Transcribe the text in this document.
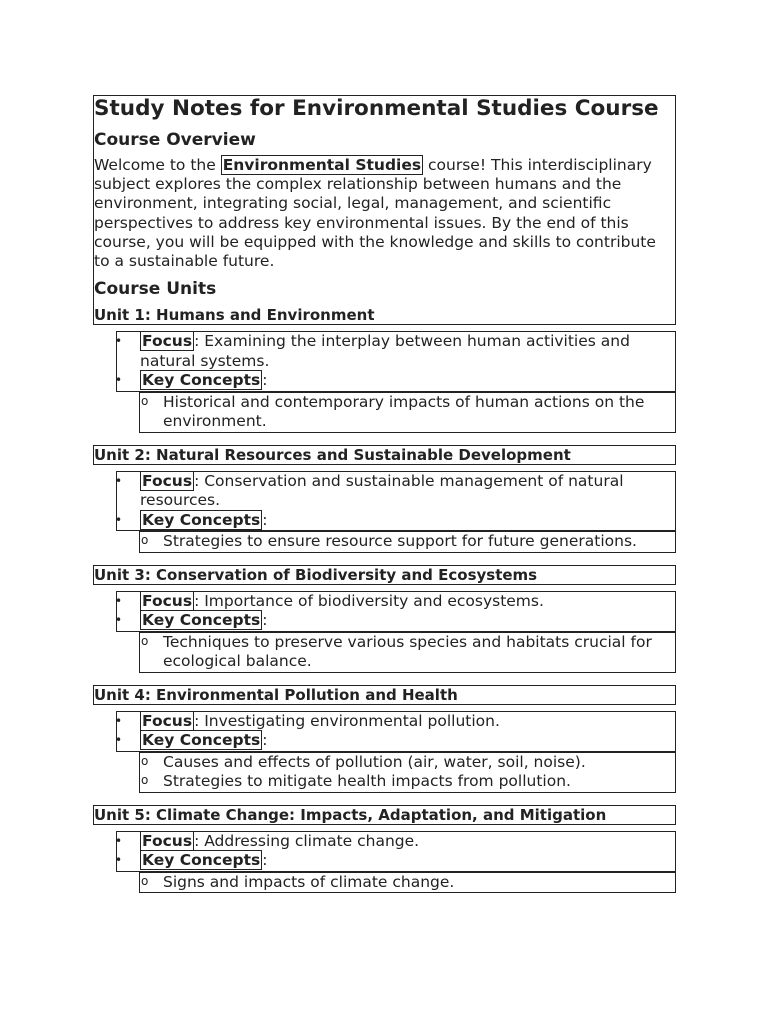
Study Notes for Environmental Studies Course
Course Overview

Welcome to the Environmental Studies course! This interdisciplinary subject explores the complex relationship between humans and the environment, integrating social, legal, management, and scientific perspectives to address key environmental issues. By the end of this course, you will be equipped with the knowledge and skills to contribute to a sustainable future.

Course Units
Unit 1: Humans and Environment
• Focus : Examining the interplay between human activities and natural systems.
• Key Concepts :
o Historical and contemporary impacts of human actions on the environment.
Unit 2: Natural Resources and Sustainable Development
• Focus : Conservation and sustainable management of natural resources.
• Key Concepts :
o Strategies to ensure resource support for future generations.
Unit 3: Conservation of Biodiversity and Ecosystems
• Focus : Importance of biodiversity and ecosystems.
• Key Concepts :
o Techniques to preserve various species and habitats crucial for ecological balance.
Unit 4: Environmental Pollution and Health
• Focus : Investigating environmental pollution.
• Key Concepts :
o Causes and effects of pollution (air, water, soil, noise).
o Strategies to mitigate health impacts from pollution.
Unit 5: Climate Change: Impacts, Adaptation, and Mitigation
• Focus : Addressing climate change.
• Key Concepts :
o Signs and impacts of climate change.
